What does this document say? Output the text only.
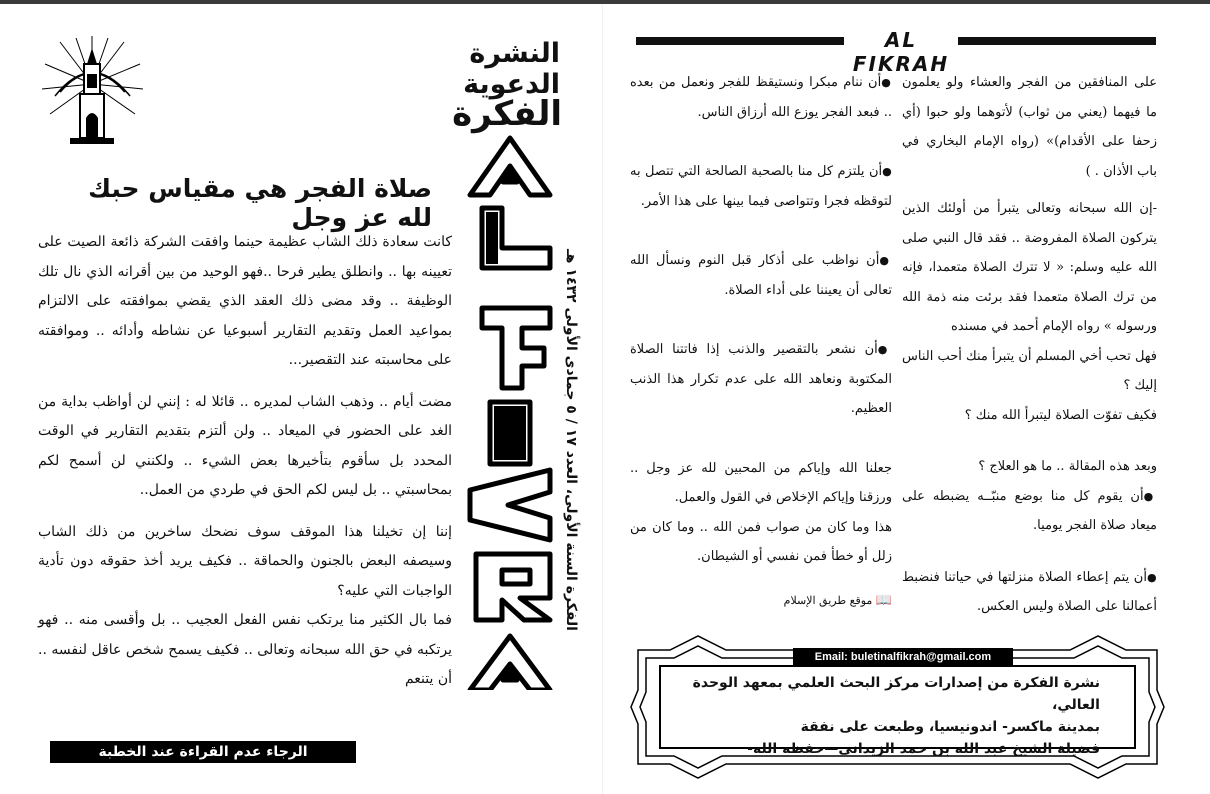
النشرة الدعوية
الفكرة
الفكرة السنة الأولى، العدد ١٧ / ٥ جمادى الأولى ١٤٣٢ هـ
صلاة الفجر هي مقياس حبك لله عز وجل

كانت سعادة ذلك الشاب عظيمة حينما وافقت الشركة ذائعة الصيت على تعيينه بها .. وانطلق يطير فرحا ..فهو الوحيد من بين أقرانه الذي نال تلك الوظيفة .. وقد مضى ذلك العقد الذي يقضي بموافقته على الالتزام بمواعيد العمل وتقديم التقارير أسبوعيا عن نشاطه وأدائه .. وموافقته على محاسبته عند التقصير...

مضت أيام .. وذهب الشاب لمديره .. قائلا له : إنني لن أواظب بداية من الغد على الحضور في الميعاد .. ولن ألتزم بتقديم التقارير في الوقت المحدد بل سأقوم بتأخيرها بعض الشيء .. ولكنني لن أسمح لكم بمحاسبتي .. بل ليس لكم الحق في طردي من العمل..

إننا إن تخيلنا هذا الموقف سوف نضحك ساخرين من ذلك الشاب وسيصفه البعض بالجنون والحماقة .. فكيف يريد أخذ حقوقه دون تأدية الواجبات التي عليه؟

فما بال الكثير منا يرتكب نفس الفعل العجيب .. بل وأقسى منه .. فهو يرتكبه في حق الله سبحانه وتعالى .. فكيف يسمح شخص عاقل لنفسه .. أن يتنعم

الرجاء عدم القراءة عند الخطبة
AL FIKRAH

على المنافقين من الفجر والعشاء ولو يعلمون ما فيهما (يعني من ثواب) لأتوهما ولو حبوا (أي زحفا على الأقدام)» (رواه الإمام البخاري في باب الأذان . )

-إن الله سبحانه وتعالى يتبرأ من أولئك الذين يتركون الصلاة المفروضة .. فقد قال النبي صلى الله عليه وسلم: « لا تترك الصلاة متعمدا، فإنه من ترك الصلاة متعمدا فقد برئت منه ذمة الله ورسوله » رواه الإمام أحمد في مسنده

فهل تحب أخي المسلم أن يتبرأ منك أحب الناس إليك ؟

فكيف تفوّت الصلاة ليتبرأ الله منك ؟

وبعد هذه المقالة .. ما هو العلاج ؟

● أن يقوم كل منا بوضع منبّــه يضبطه على ميعاد صلاة الفجر يوميا.

● أن يتم إعطاء الصلاة منزلتها في حياتنا فنضبط أعمالنا على الصلاة وليس العكس.

● أن ننام مبكرا ونستيقظ للفجر ونعمل من بعده .. فبعد الفجر يوزع الله أرزاق الناس.

● أن يلتزم كل منا بالصحبة الصالحة التي تتصل به لتوقظه فجرا وتتواصى فيما بينها على هذا الأمر.

● أن نواظب على أذكار قبل النوم ونسأل الله تعالى أن يعيننا على أداء الصلاة.

● أن نشعر بالتقصير والذنب إذا فاتتنا الصلاة المكتوبة ونعاهد الله على عدم تكرار هذا الذنب العظيم.

جعلنا الله وإياكم من المحبين لله عز وجل .. ورزقنا وإياكم الإخلاص في القول والعمل.

هذا وما كان من صواب فمن الله .. وما كان من زلل أو خطأ فمن نفسي أو الشيطان.

📖 موقع طريق الإسلام

Email: buletinalfikrah@gmail.com

نشرة الفكرة من إصدارات مركز البحث العلمي بمعهد الوحدة العالي،

بمدينة ماكسر- اندونيسيا، وطبعت على نفقة

فضيلة الشيخ عبد الله بن حمد الزيداني—حفظه الله-
